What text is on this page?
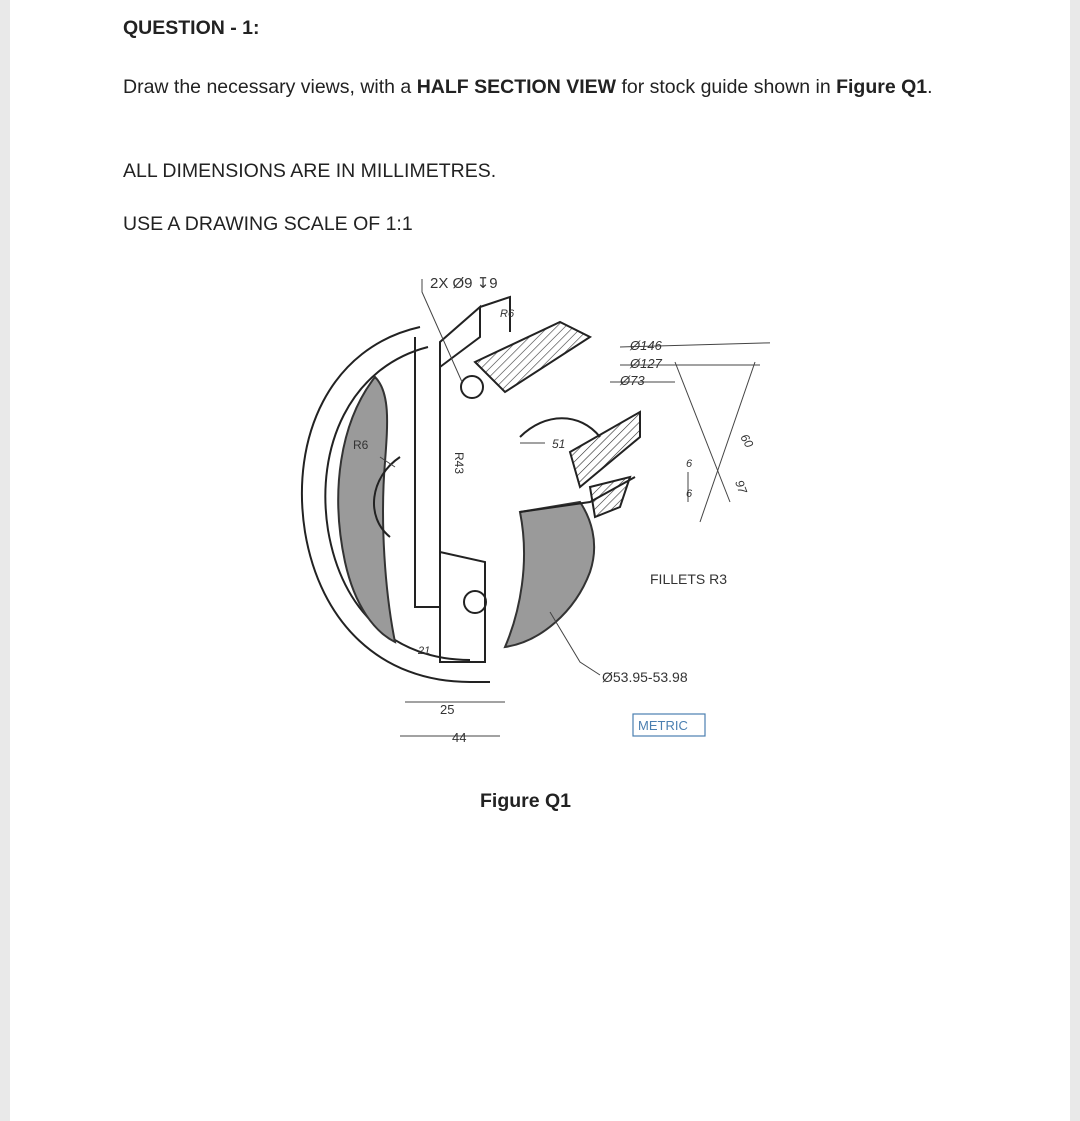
QUESTION - 1:
Draw the necessary views, with a HALF SECTION VIEW for stock guide shown in Figure Q1.
ALL DIMENSIONS ARE IN MILLIMETRES.
USE A DRAWING SCALE OF 1:1
2X Ø9 ↧9
R6
Ø146
Ø127
Ø73
R6
R43
51	60
97
6
6
FILLETS R3
21
25
44
Ø53.95-53.98
METRIC
Figure Q1
